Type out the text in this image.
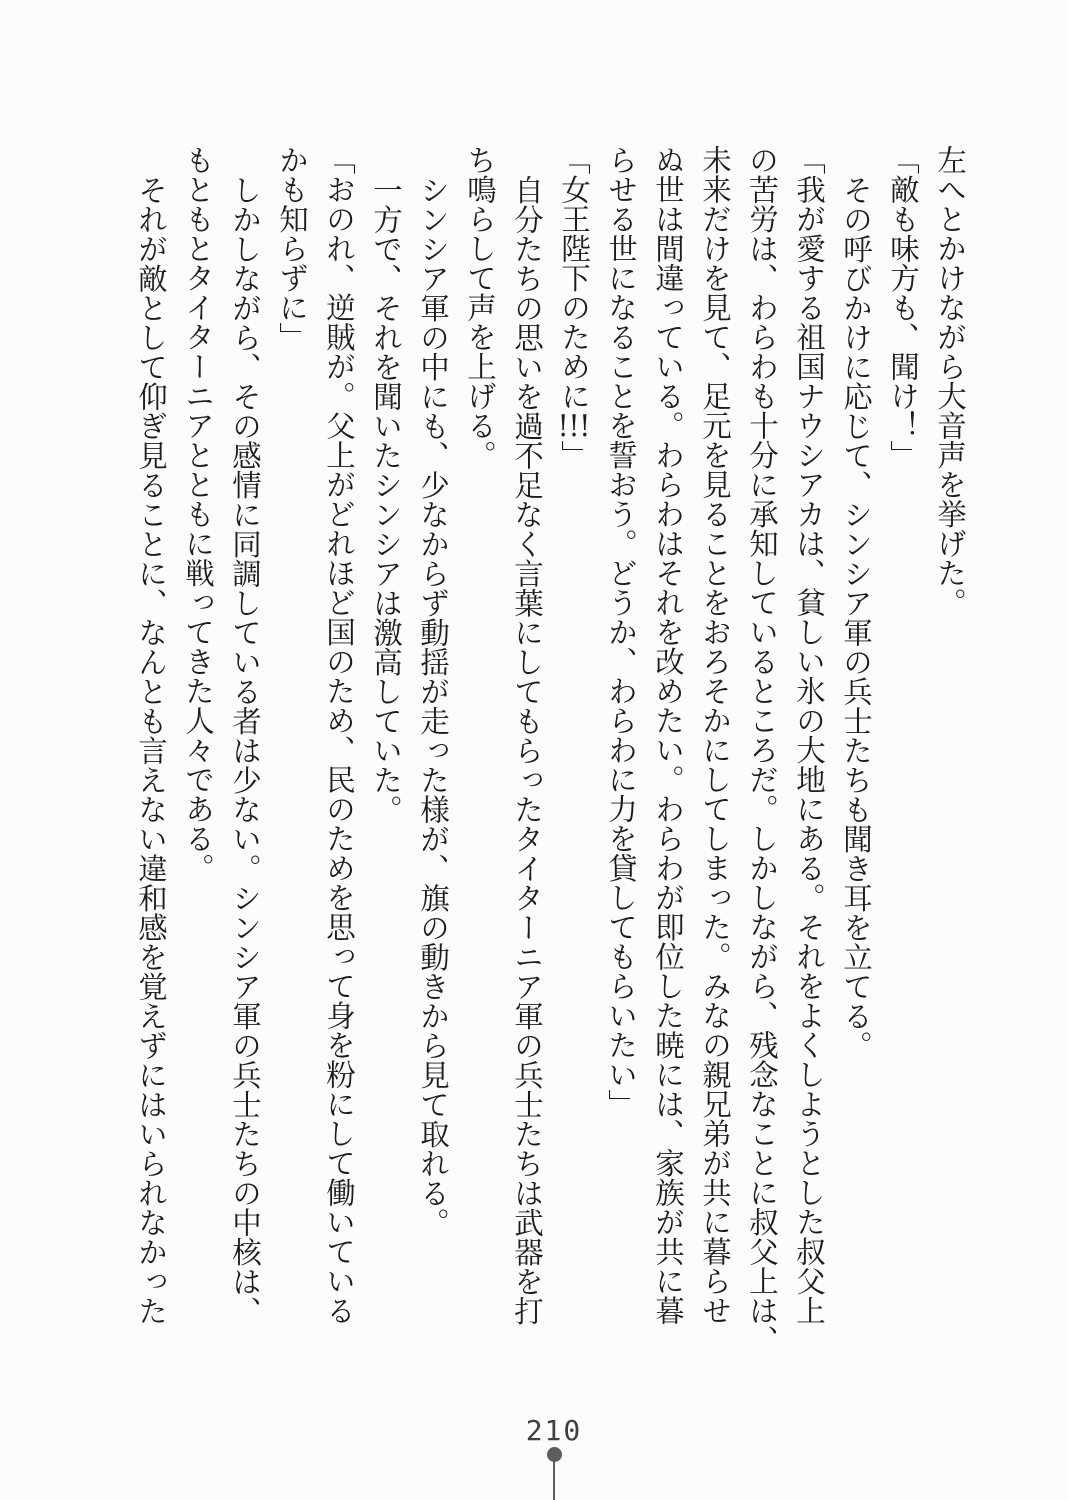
左へとかけながら大音声を挙げた。

「敵も味方も、聞け！」

その呼びかけに応じて、シンシア軍の兵士たちも聞き耳を立てる。

「我が愛する祖国ナウシアカは、貧しい氷の大地にある。それをよくしようとした叔父上

の苦労は、わらわも十分に承知しているところだ。しかしながら、残念なことに叔父上は、

未来だけを見て、足元を見ることをおろそかにしてしまった。みなの親兄弟が共に暮らせ

ぬ世は間違っている。わらわはそれを改めたい。わらわが即位した暁には、家族が共に暮

らせる世になることを誓おう。どうか、わらわに力を貸してもらいたい」

「女王陛下のために!!!」

自分たちの思いを過不足なく言葉にしてもらったタイターニア軍の兵士たちは武器を打

ち鳴らして声を上げる。

シンシア軍の中にも、少なからず動揺が走った様が、旗の動きから見て取れる。

一方で、それを聞いたシンシアは激高していた。

「おのれ、逆賊が。父上がどれほど国のため、民のためを思って身を粉にして働いている

かも知らずに」

しかしながら、その感情に同調している者は少ない。シンシア軍の兵士たちの中核は、

もともとタイターニアとともに戦ってきた人々である。

それが敵として仰ぎ見ることに、なんとも言えない違和感を覚えずにはいられなかった

210
